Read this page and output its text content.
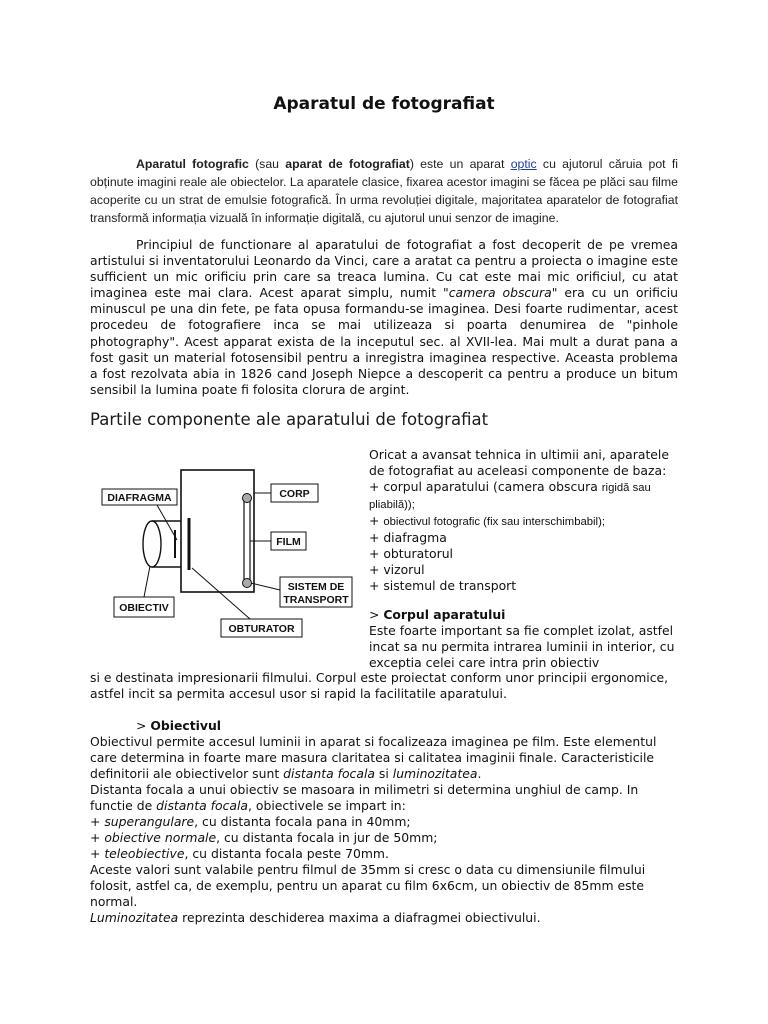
Aparatul de fotografiat

Aparatul fotografic (sau aparat de fotografiat) este un aparat optic cu ajutorul căruia pot fi obținute imagini reale ale obiectelor. La aparatele clasice, fixarea acestor imagini se făcea pe plăci sau filme acoperite cu un strat de emulsie fotografică. În urma revoluției digitale, majoritatea aparatelor de fotografiat transformă informația vizuală în informație digitală, cu ajutorul unui senzor de imagine.

Principiul de functionare al aparatului de fotografiat a fost decoperit de pe vremea artistului si inventatorului Leonardo da Vinci, care a aratat ca pentru a proiecta o imagine este sufficient un mic orificiu prin care sa treaca lumina. Cu cat este mai mic orificiul, cu atat imaginea este mai clara. Acest aparat simplu, numit "camera obscura" era cu un orificiu minuscul pe una din fete, pe fata opusa formandu-se imaginea. Desi foarte rudimentar, acest procedeu de fotografiere inca se mai utilizeaza si poarta denumirea de "pinhole photography". Acest apparat exista de la inceputul sec. al XVII-lea. Mai mult a durat pana a fost gasit un material fotosensibil pentru a inregistra imaginea respective. Aceasta problema a fost rezolvata abia in 1826 cand Joseph Niepce a descoperit ca pentru a produce un bitum sensibil la lumina poate fi folosita clorura de argint.

Partile componente ale aparatului de fotografiat
DIAFRAGMA	CORP
FILM
SISTEM DE
TRANSPORT
OBIECTIV
OBTURATOR

Oricat a avansat tehnica in ultimii ani, aparatele de fotografiat au aceleasi componente de baza:
+ corpul aparatului (camera obscura rigidă sau pliabilă));
+ obiectivul fotografic (fix sau interschimbabil);
+ diafragma
+ obturatorul
+ vizorul
+ sistemul de transport

> Corpul aparatului

Este foarte important sa fie complet izolat, astfel incat sa nu permita intrarea luminii in interior, cu exceptia celei care intra prin obiectiv

si e destinata impresionarii filmului. Corpul este proiectat conform unor principii ergonomice, astfel incit sa permita accesul usor si rapid la facilitatile aparatului.

> Obiectivul

Obiectivul permite accesul luminii in aparat si focalizeaza imaginea pe film. Este elementul care determina in foarte mare masura claritatea si calitatea imaginii finale. Caracteristicile definitorii ale obiectivelor sunt distanta focala si luminozitatea.
Distanta focala a unui obiectiv se masoara in milimetri si determina unghiul de camp. In functie de distanta focala, obiectivele se impart in:
+ superangulare, cu distanta focala pana in 40mm;
+ obiective normale, cu distanta focala in jur de 50mm;
+ teleobiective, cu distanta focala peste 70mm.
Aceste valori sunt valabile pentru filmul de 35mm si cresc o data cu dimensiunile filmului folosit, astfel ca, de exemplu, pentru un aparat cu film 6x6cm, un obiectiv de 85mm este normal.
Luminozitatea reprezinta deschiderea maxima a diafragmei obiectivului.
